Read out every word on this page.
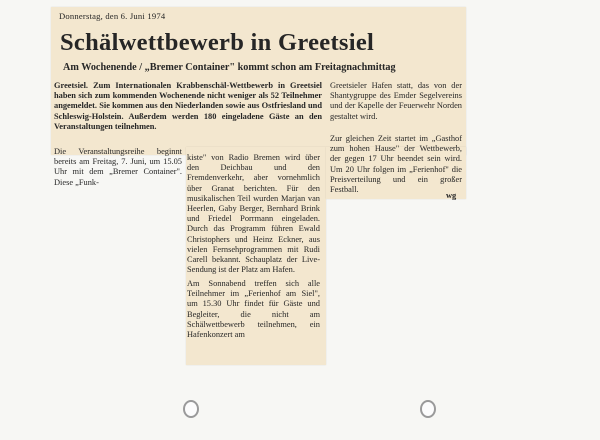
Donnerstag, den 6. Juni 1974

Schälwettbewerb in Greetsiel

Am Wochenende / „Bremer Container" kommt schon am Freitagnachmittag

Greetsiel. Zum Internationalen Krabbenschäl-Wettbewerb in Greetsiel haben sich zum kommenden Wochenende nicht weniger als 52 Teilnehmer angemeldet. Sie kommen aus den Niederlanden sowie aus Ostfriesland und Schleswig-Holstein. Außerdem werden 180 eingeladene Gäste an den Veranstaltungen teilnehmen.

Die Veranstaltungsreihe beginnt bereits am Freitag, 7. Juni, um 15.05 Uhr mit dem „Bremer Container". Diese „Funk-

kiste" von Radio Bremen wird über den Deichbau und den Fremdenverkehr, aber vornehmlich über Granat berichten. Für den musikalischen Teil wurden Marjan van Heerlen, Gaby Berger, Bernhard Brink und Friedel Porrmann eingeladen. Durch das Programm führen Ewald Christophers und Heinz Eckner, aus vielen Fernsehprogrammen mit Rudi Carell bekannt. Schauplatz der Live-Sendung ist der Platz am Hafen.

Am Sonnabend treffen sich alle Teilnehmer im „Ferienhof am Siel", um 15.30 Uhr findet für Gäste und Begleiter, die nicht am Schälwettbewerb teilnehmen, ein Hafenkonzert am

Greetsieler Hafen statt, das von der Shantygruppe des Emder Segelvereins und der Kapelle der Feuerwehr Norden gestaltet wird.

Zur gleichen Zeit startet im „Gasthof zum hohen Hause" der Wettbewerb, der gegen 17 Uhr beendet sein wird. Um 20 Uhr folgen im „Ferienhof" die Preisverteilung und ein großer Festball.

wg
